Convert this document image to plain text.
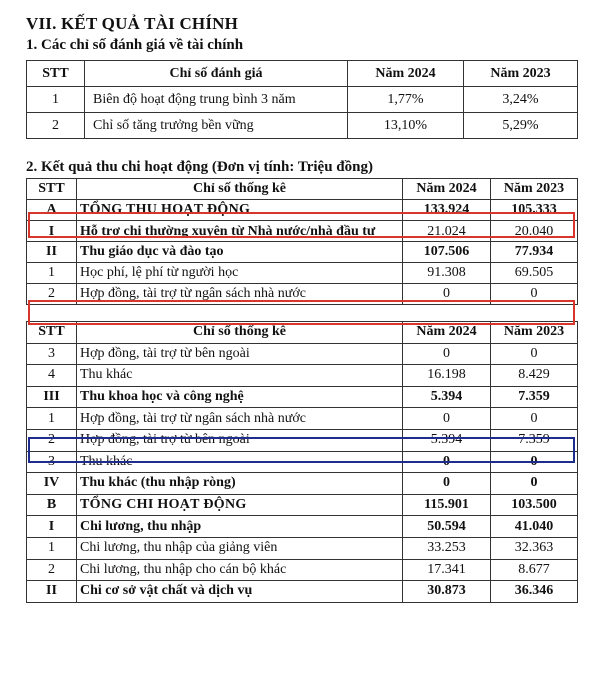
VII. KẾT QUẢ TÀI CHÍNH
1. Các chỉ số đánh giá về tài chính
STT	Chỉ số đánh giá	Năm 2024	Năm 2023
1	Biên độ hoạt động trung bình 3 năm	1,77%	3,24%
2	Chỉ số tăng trưởng bền vững	13,10%	5,29%
2. Kết quả thu chi hoạt động (Đơn vị tính: Triệu đồng)
STT	Chỉ số thống kê	Năm 2024	Năm 2023
A	TỔNG THU HOẠT ĐỘNG	133.924	105.333
I	Hỗ trợ chi thường xuyên từ Nhà nước/nhà đầu tư	21.024	20.040
II	Thu giáo dục và đào tạo	107.506	77.934
1	Học phí, lệ phí từ người học	91.308	69.505
2	Hợp đồng, tài trợ từ ngân sách nhà nước	0	0
STT	Chỉ số thống kê	Năm 2024	Năm 2023
3	Hợp đồng, tài trợ từ bên ngoài	0	0
4	Thu khác	16.198	8.429
III	Thu khoa học và công nghệ	5.394	7.359
1	Hợp đồng, tài trợ từ ngân sách nhà nước	0	0
2	Hợp đồng, tài trợ từ bên ngoài	5.394	7.359
3	Thu khác	0	0
IV	Thu khác (thu nhập ròng)	0	0
B	TỔNG CHI HOẠT ĐỘNG	115.901	103.500
I	Chi lương, thu nhập	50.594	41.040
1	Chi lương, thu nhập của giảng viên	33.253	32.363
2	Chi lương, thu nhập cho cán bộ khác	17.341	8.677
II	Chi cơ sở vật chất và dịch vụ	30.873	36.346
